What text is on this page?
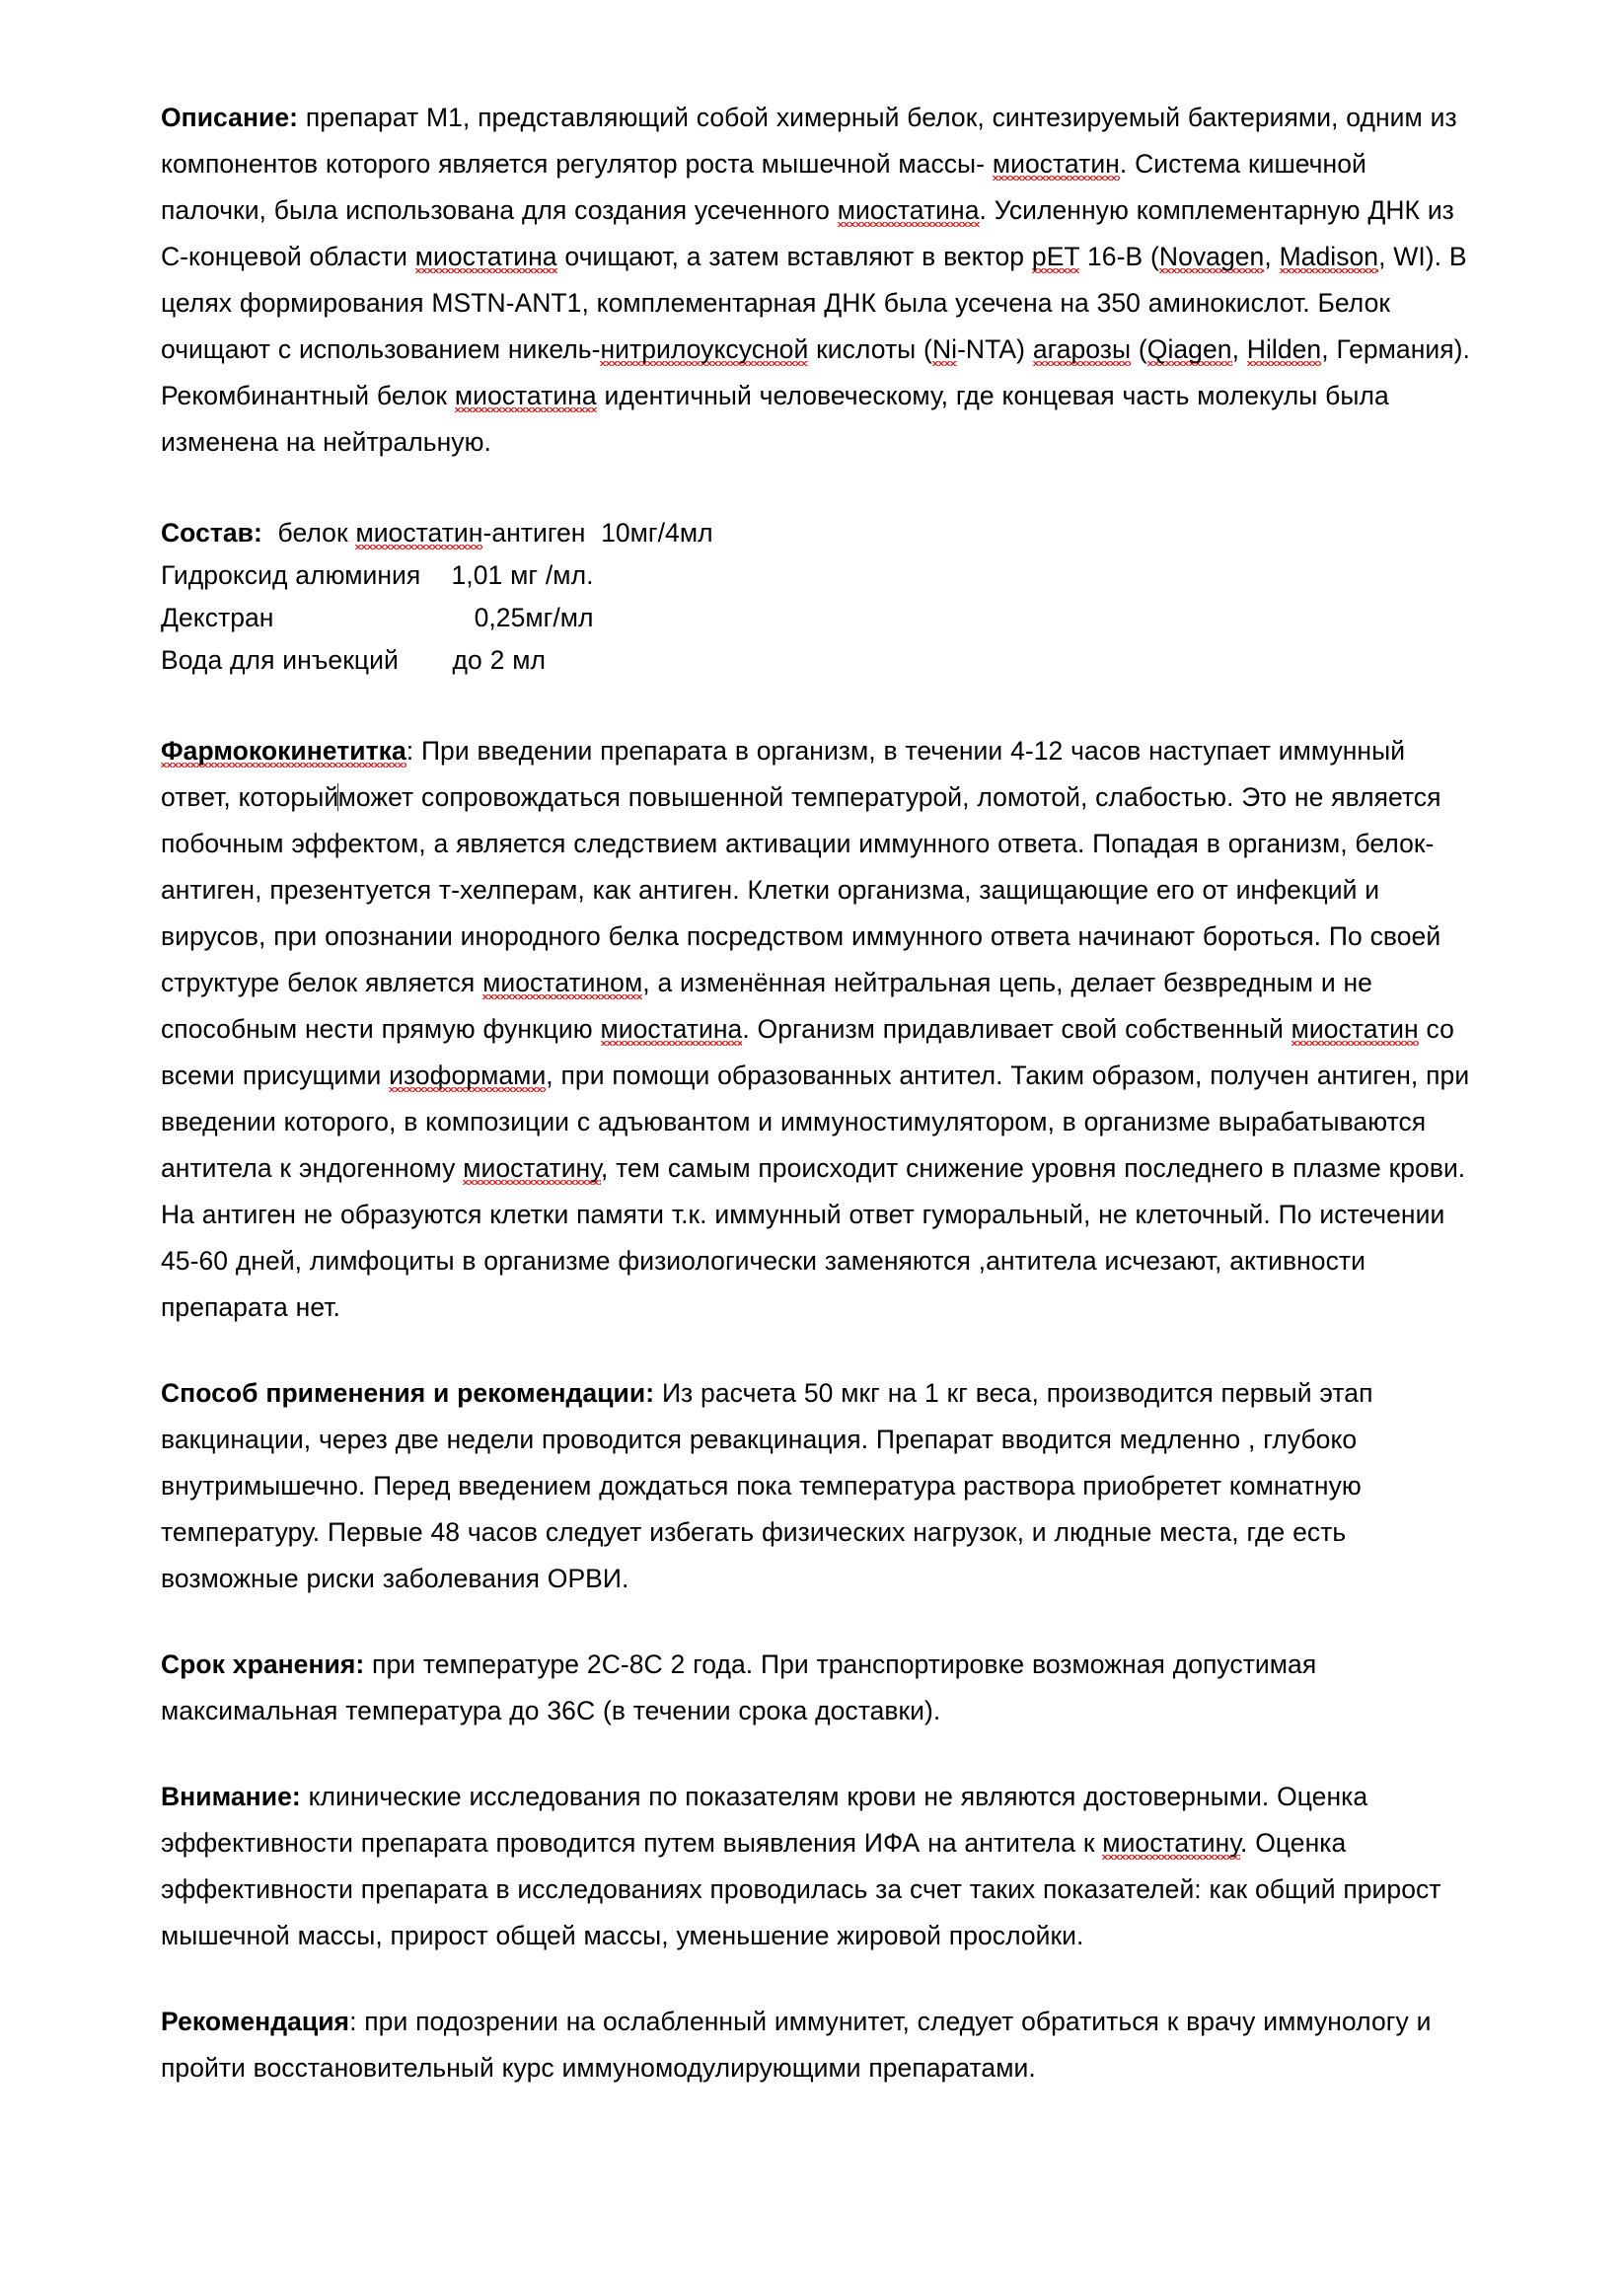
Описание: препарат М1, представляющий собой химерный белок, синтезируемый бактериями, одним из компонентов которого является регулятор роста мышечной массы- миостатин. Система кишечной палочки, была использована для создания усеченного миостатина. Усиленную комплементарную ДНК из С-концевой области миостатина очищают, а затем вставляют в вектор pET 16-В (Novagen, Madison, WI). В целях формирования MSTN-ANT1, комплементарная ДНК была усечена на 350 аминокислот. Белок очищают с использованием никель-нитрилоуксусной кислоты (Ni-NTA) агарозы (Qiagen, Hilden, Германия). Рекомбинантный белок миостатина идентичный человеческому, где концевая часть молекулы была изменена на нейтральную.

Состав:  белок миостатин-антиген  10мг/4мл

Гидроксид алюминия    1,01 мг /мл.

Декстран                          0,25мг/мл

Вода для инъекций       до 2 мл

Фармококинетитка: При введении препарата в организм, в течении 4-12 часов наступает иммунный ответ, которыйможет сопровождаться повышенной температурой, ломотой, слабостью. Это не является побочным эффектом, а является следствием активации иммунного ответа. Попадая в организм, белок-антиген, презентуется т-хелперам, как антиген. Клетки организма, защищающие его от инфекций и вирусов, при опознании инородного белка посредством иммунного ответа начинают бороться. По своей структуре белок является миостатином, а изменённая нейтральная цепь, делает безвредным и не способным нести прямую функцию миостатина. Организм придавливает свой собственный миостатин со всеми присущими изоформами, при помощи образованных антител. Таким образом, получен антиген, при введении которого, в композиции с адъювантом и иммуностимулятором, в организме вырабатываются антитела к эндогенному миостатину, тем самым происходит снижение уровня последнего в плазме крови. На антиген не образуются клетки памяти т.к. иммунный ответ гуморальный, не клеточный. По истечении 45-60 дней, лимфоциты в организме физиологически заменяются ,антитела исчезают, активности препарата нет.

Способ применения и рекомендации: Из расчета 50 мкг на 1 кг веса, производится первый этап вакцинации, через две недели проводится ревакцинация. Препарат вводится медленно , глубоко внутримышечно. Перед введением дождаться пока температура раствора приобретет комнатную температуру. Первые 48 часов следует избегать физических нагрузок, и людные места, где есть возможные риски заболевания ОРВИ.

Срок хранения: при температуре 2С-8С 2 года. При транспортировке возможная допустимая максимальная температура до 36С (в течении срока доставки).

Внимание: клинические исследования по показателям крови не являются достоверными. Оценка эффективности препарата проводится путем выявления ИФА на антитела к миостатину. Оценка эффективности препарата в исследованиях проводилась за счет таких показателей: как общий прирост мышечной массы, прирост общей массы, уменьшение жировой прослойки.

Рекомендация: при подозрении на ослабленный иммунитет, следует обратиться к врачу иммунологу и пройти восстановительный курс иммуномодулирующими препаратами.
